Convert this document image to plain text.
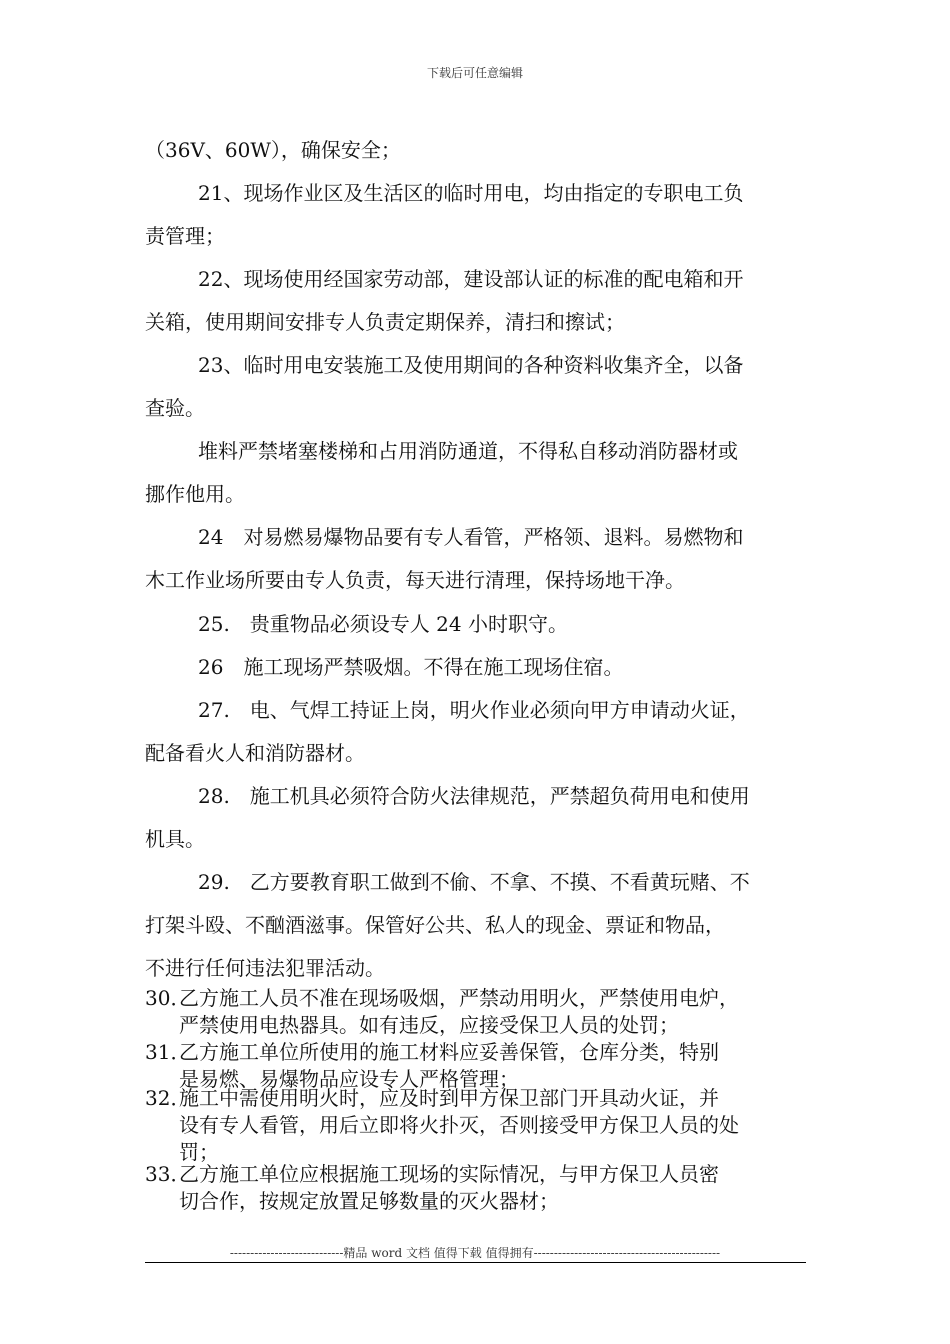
下载后可任意编辑

（36V、60W），确保安全；

21、现场作业区及生活区的临时用电，均由指定的专职电工负

责管理；

22、现场使用经国家劳动部，建设部认证的标准的配电箱和开

关箱，使用期间安排专人负责定期保养，清扫和擦试；

23、临时用电安装施工及使用期间的各种资料收集齐全，以备

查验。

堆料严禁堵塞楼梯和占用消防通道，不得私自移动消防器材或

挪作他用。

24　对易燃易爆物品要有专人看管，严格领、退料。易燃物和

木工作业场所要由专人负责，每天进行清理，保持场地干净。

25.　贵重物品必须设专人 24 小时职守。

26　施工现场严禁吸烟。不得在施工现场住宿。

27.　电、气焊工持证上岗，明火作业必须向甲方申请动火证，

配备看火人和消防器材。

28.　施工机具必须符合防火法律规范，严禁超负荷用电和使用

机具。

29.　乙方要教育职工做到不偷、不拿、不摸、不看黄玩赌、不

打架斗殴、不酗酒滋事。保管好公共、私人的现金、票证和物品，

不进行任何违法犯罪活动。

30．乙方施工人员不准在现场吸烟，严禁动用明火，严禁使用电炉，
严禁使用电热器具。如有违反，应接受保卫人员的处罚；
31．乙方施工单位所使用的施工材料应妥善保管，仓库分类，特别
是易燃、易爆物品应设专人严格管理；
32．施工中需使用明火时，应及时到甲方保卫部门开具动火证，并
设有专人看管，用后立即将火扑灭，否则接受甲方保卫人员的处
罚；
33．乙方施工单位应根据施工现场的实际情况，与甲方保卫人员密
切合作，按规定放置足够数量的灭火器材；
----------------------------精品 word 文档 值得下载 值得拥有----------------------------------------------
